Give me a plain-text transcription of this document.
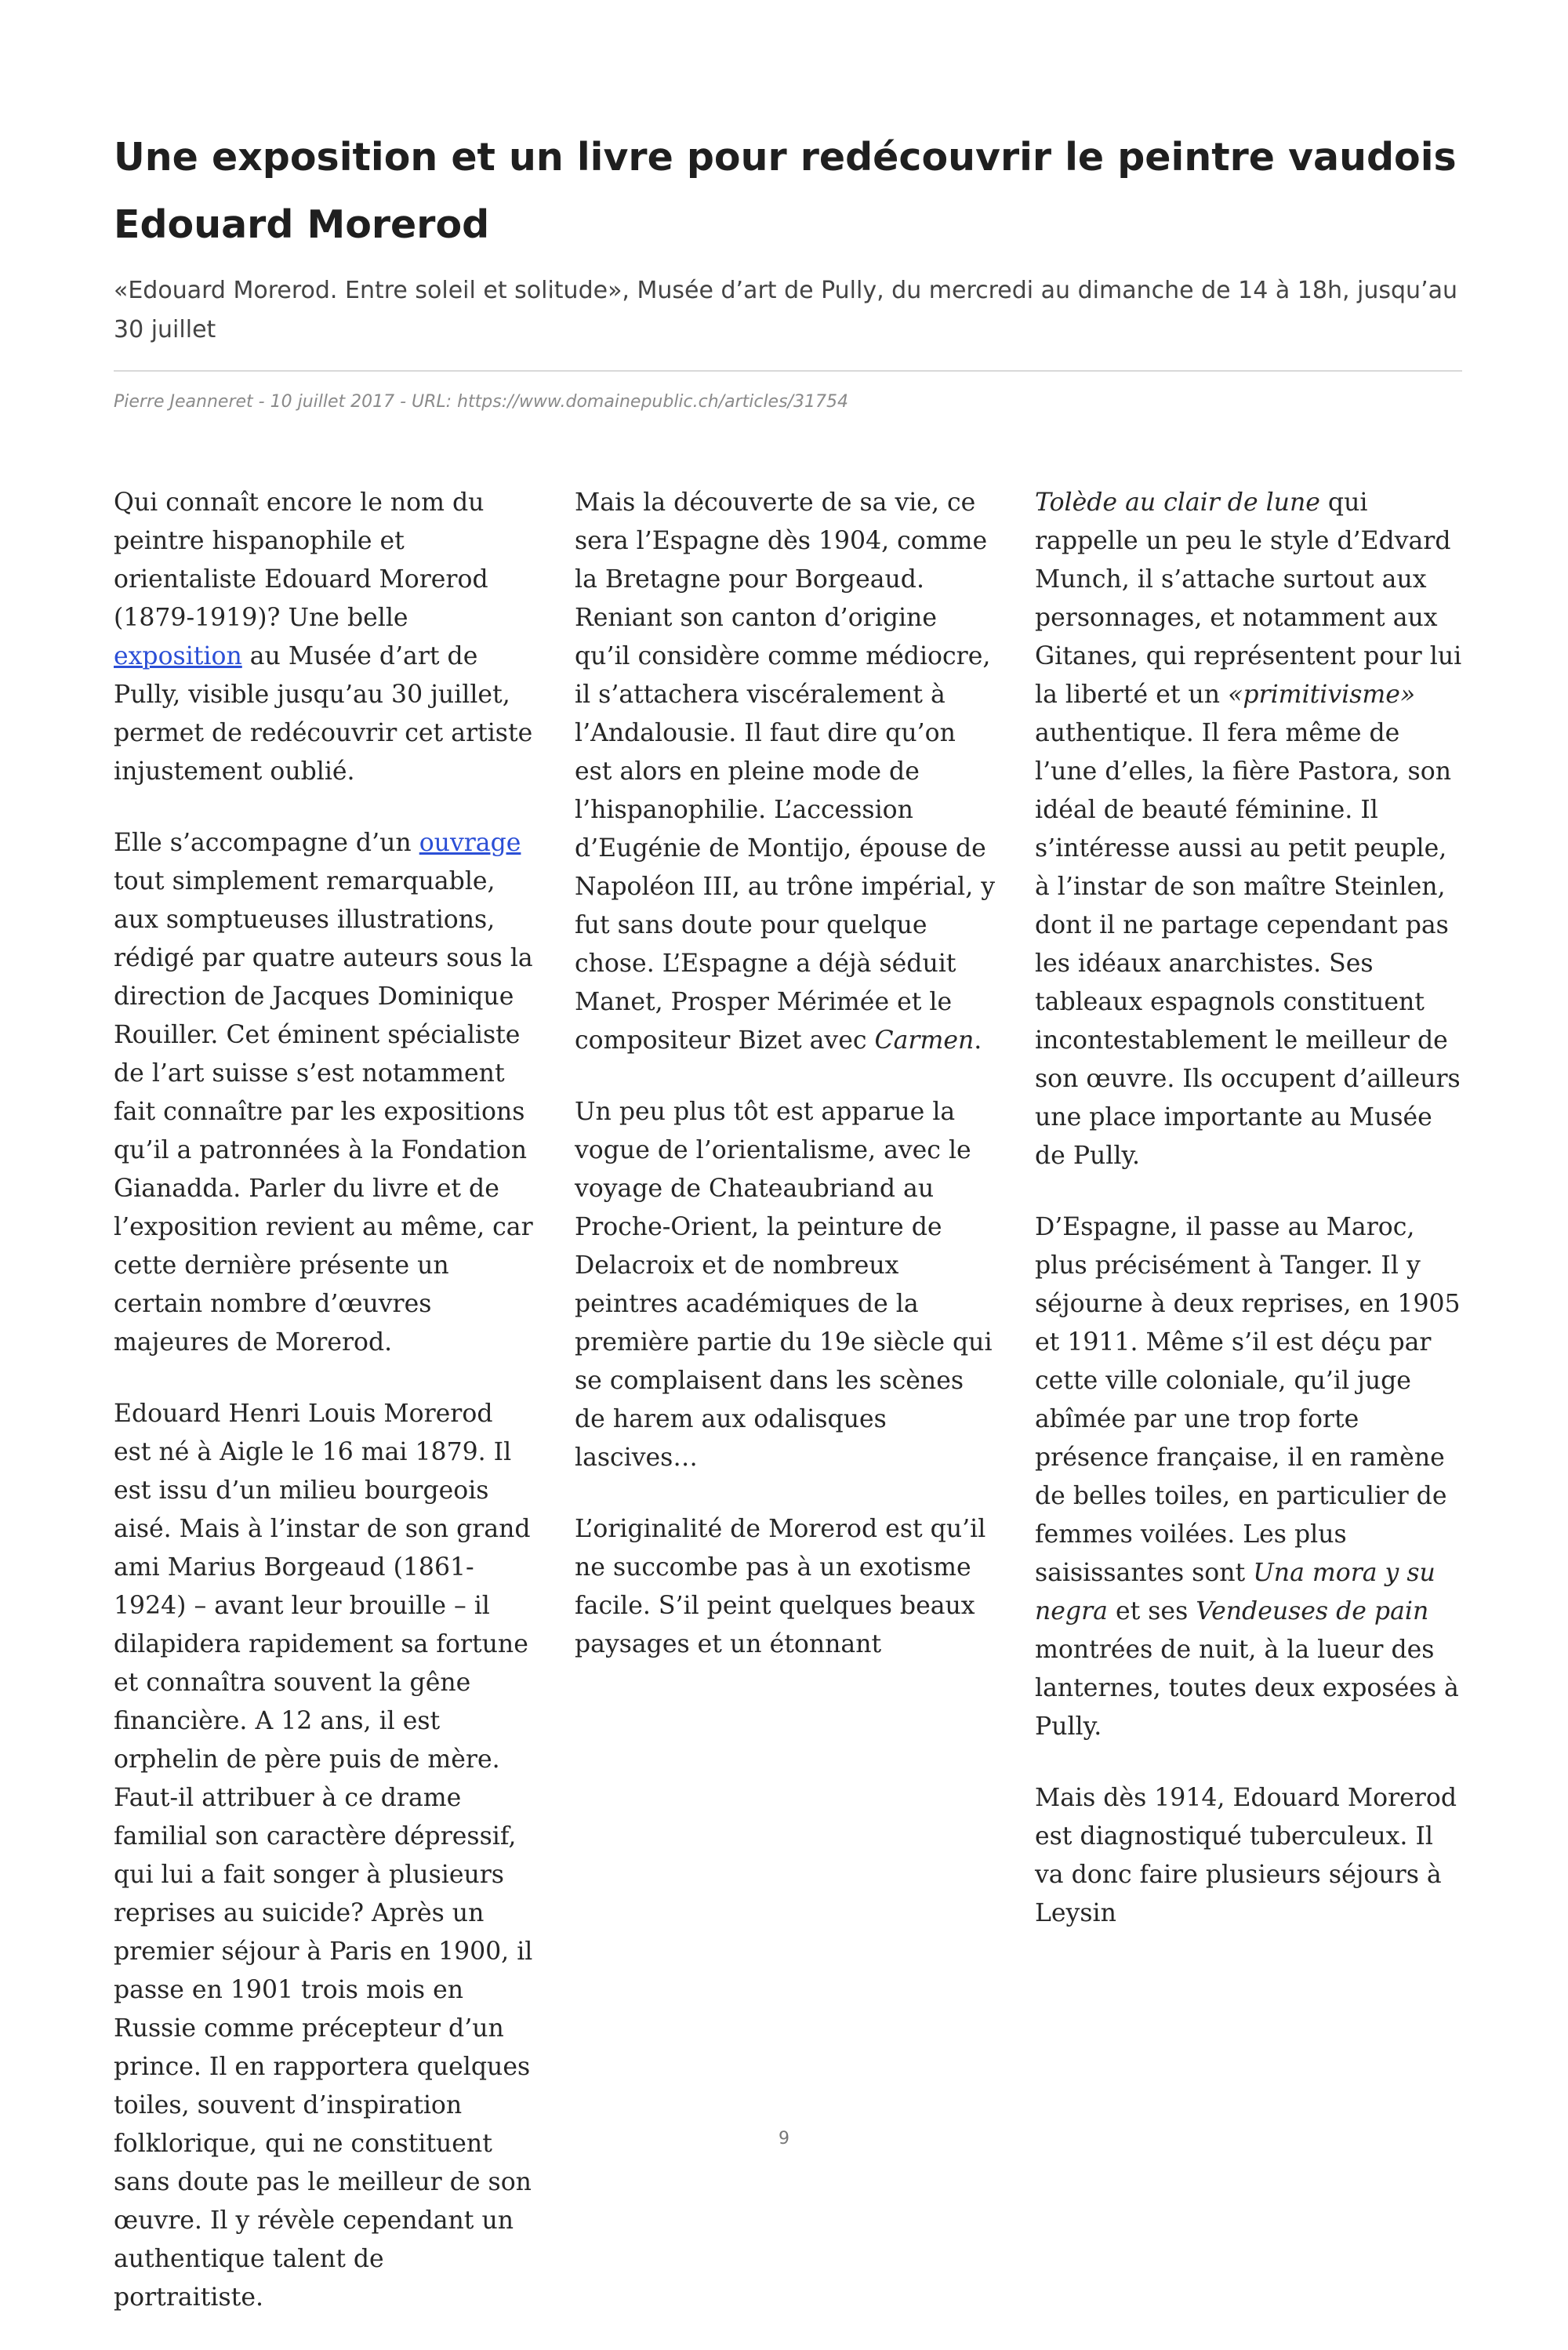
Une exposition et un livre pour redécouvrir le peintre vaudois Edouard Morerod

«Edouard Morerod. Entre soleil et solitude», Musée d’art de Pully, du mercredi au dimanche de 14 à 18h, jusqu’au 30 juillet

Pierre Jeanneret - 10 juillet 2017 - URL: https://www.domainepublic.ch/articles/31754

Qui connaît encore le nom du peintre hispanophile et orientaliste Edouard Morerod (1879-1919)? Une belle exposition au Musée d’art de Pully, visible jusqu’au 30 juillet, permet de redécouvrir cet artiste injustement oublié.

Elle s’accompagne d’un ouvrage tout simplement remarquable, aux somptueuses illustrations, rédigé par quatre auteurs sous la direction de Jacques Dominique Rouiller. Cet éminent spécialiste de l’art suisse s’est notamment fait connaître par les expositions qu’il a patronnées à la Fondation Gianadda. Parler du livre et de l’exposition revient au même, car cette dernière présente un certain nombre d’œuvres majeures de Morerod.

Edouard Henri Louis Morerod est né à Aigle le 16 mai 1879. Il est issu d’un milieu bourgeois aisé. Mais à l’instar de son grand ami Marius Borgeaud (1861-1924) – avant leur brouille – il dilapidera rapidement sa fortune et connaîtra souvent la gêne financière. A 12 ans, il est orphelin de père puis de mère. Faut-il attribuer à ce drame familial son caractère dépressif, qui lui a fait songer à plusieurs reprises au suicide? Après un premier séjour à Paris en 1900, il passe en 1901 trois mois en Russie comme précepteur d’un prince. Il en rapportera quelques toiles, souvent d’inspiration folklorique, qui ne constituent sans doute pas le meilleur de son œuvre. Il y révèle cependant un authentique talent de portraitiste.

Mais la découverte de sa vie, ce sera l’Espagne dès 1904, comme la Bretagne pour Borgeaud. Reniant son canton d’origine qu’il considère comme médiocre, il s’attachera viscéralement à l’Andalousie. Il faut dire qu’on est alors en pleine mode de l’hispanophilie. L’accession d’Eugénie de Montijo, épouse de Napoléon III, au trône impérial, y fut sans doute pour quelque chose. L’Espagne a déjà séduit Manet, Prosper Mérimée et le compositeur Bizet avec Carmen.

Un peu plus tôt est apparue la vogue de l’orientalisme, avec le voyage de Chateaubriand au Proche-Orient, la peinture de Delacroix et de nombreux peintres académiques de la première partie du 19e siècle qui se complaisent dans les scènes de harem aux odalisques lascives…

L’originalité de Morerod est qu’il ne succombe pas à un exotisme facile. S’il peint quelques beaux paysages et un étonnant

Tolède au clair de lune qui rappelle un peu le style d’Edvard Munch, il s’attache surtout aux personnages, et notamment aux Gitanes, qui représentent pour lui la liberté et un «primitivisme» authentique. Il fera même de l’une d’elles, la fière Pastora, son idéal de beauté féminine. Il s’intéresse aussi au petit peuple, à l’instar de son maître Steinlen, dont il ne partage cependant pas les idéaux anarchistes. Ses tableaux espagnols constituent incontestablement le meilleur de son œuvre. Ils occupent d’ailleurs une place importante au Musée de Pully.

D’Espagne, il passe au Maroc, plus précisément à Tanger. Il y séjourne à deux reprises, en 1905 et 1911. Même s’il est déçu par cette ville coloniale, qu’il juge abîmée par une trop forte présence française, il en ramène de belles toiles, en particulier de femmes voilées. Les plus saisissantes sont Una mora y su negra et ses Vendeuses de pain montrées de nuit, à la lueur des lanternes, toutes deux exposées à Pully.

Mais dès 1914, Edouard Morerod est diagnostiqué tuberculeux. Il va donc faire plusieurs séjours à Leysin

9
